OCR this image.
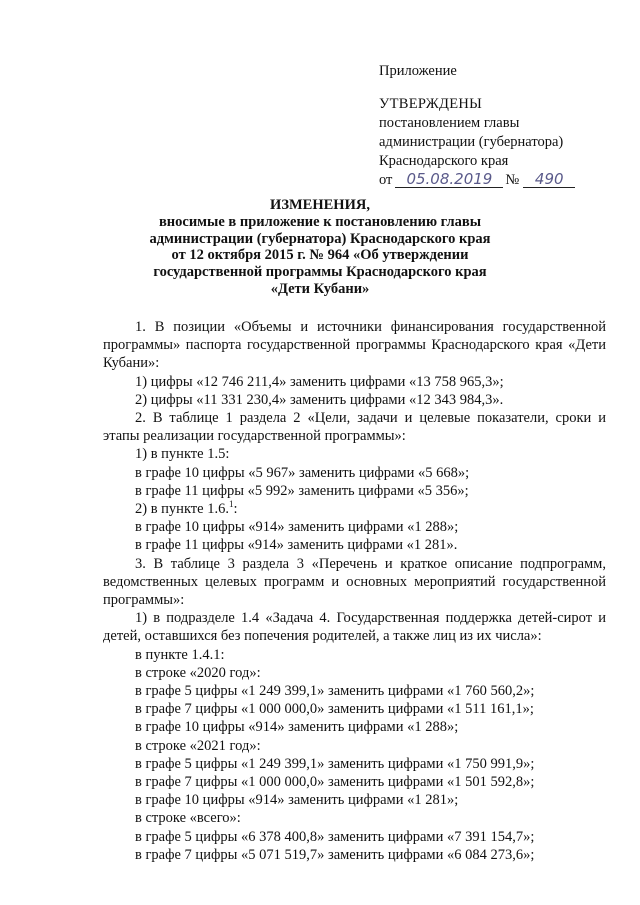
Приложение
УТВЕРЖДЕНЫ
постановлением главы
администрации (губернатора)
Краснодарского края
от 05.08.2019 №	490
ИЗМЕНЕНИЯ,
вносимые в приложение к постановлению главы
администрации (губернатора) Краснодарского края
от 12 октября 2015 г. № 964 «Об утверждении
государственной программы Краснодарского края
«Дети Кубани»

1. В позиции «Объемы и источники финансирования государственной программы» паспорта государственной программы Краснодарского края «Дети Кубани»:

1) цифры «12 746 211,4» заменить цифрами «13 758 965,3»;

2) цифры «11 331 230,4» заменить цифрами «12 343 984,3».

2. В таблице 1 раздела 2 «Цели, задачи и целевые показатели, сроки и этапы реализации государственной программы»:

1) в пункте 1.5:

в графе 10 цифры «5 967» заменить цифрами «5 668»;

в графе 11 цифры «5 992» заменить цифрами «5 356»;

2) в пункте 1.6.$^1$:

в графе 10 цифры «914» заменить цифрами «1 288»;

в графе 11 цифры «914» заменить цифрами «1 281».

3. В таблице 3 раздела 3 «Перечень и краткое описание подпрограмм, ведомственных целевых программ и основных мероприятий государственной программы»:

1) в подразделе 1.4 «Задача 4. Государственная поддержка детей-сирот и детей, оставшихся без попечения родителей, а также лиц из их числа»:

в пункте 1.4.1:

в строке «2020 год»:

в графе 5 цифры «1 249 399,1» заменить цифрами «1 760 560,2»;

в графе 7 цифры «1 000 000,0» заменить цифрами «1 511 161,1»;

в графе 10 цифры «914» заменить цифрами «1 288»;

в строке «2021 год»:

в графе 5 цифры «1 249 399,1» заменить цифрами «1 750 991,9»;

в графе 7 цифры «1 000 000,0» заменить цифрами «1 501 592,8»;

в графе 10 цифры «914» заменить цифрами «1 281»;

в строке «всего»:

в графе 5 цифры «6 378 400,8» заменить цифрами «7 391 154,7»;

в графе 7 цифры «5 071 519,7» заменить цифрами «6 084 273,6»;
